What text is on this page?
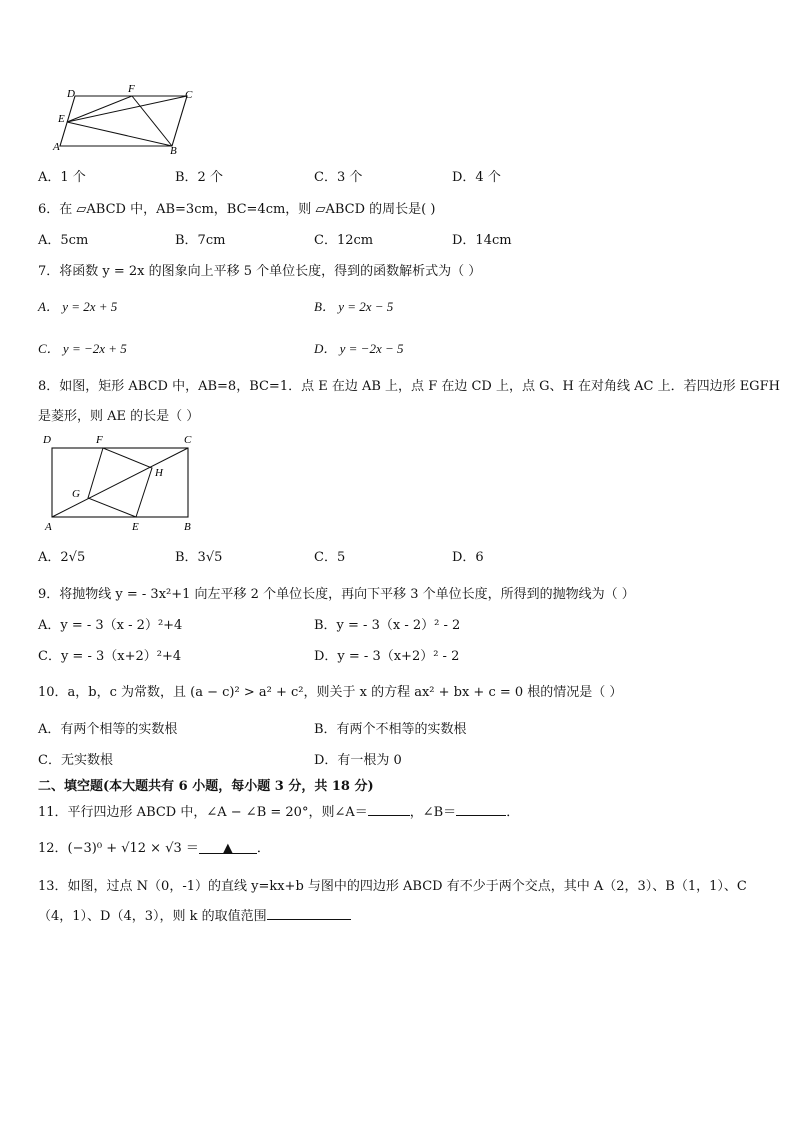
D	F	C
E
A	B
A．1 个	B．2 个	C．3 个	D．4 个
6．在 ▱ABCD 中，AB=3cm，BC=4cm，则 ▱ABCD 的周长是( )
A．5cm	B．7cm	C．12cm	D．14cm
7．将函数 y = 2x 的图象向上平移 5 个单位长度，得到的函数解析式为（ ）
A． y = 2x + 5	B． y = 2x − 5
C． y = −2x + 5	D． y = −2x − 5
8．如图，矩形 ABCD 中，AB=8，BC=1．点 E 在边 AB 上，点 F 在边 CD 上，点 G、H 在对角线 AC 上．若四边形 EGFH
是菱形，则 AE 的长是（ ）
D	F	C
H
G
A	E	B
A．2√5	B．3√5	C．5	D．6
9．将抛物线 y = - 3x²+1 向左平移 2 个单位长度，再向下平移 3 个单位长度，所得到的抛物线为（ ）
A．y = - 3（x - 2）²+4	B．y = - 3（x - 2）² - 2
C．y = - 3（x+2）²+4	D．y = - 3（x+2）² - 2
10．a，b，c 为常数，且 (a − c)² > a² + c²，则关于 x 的方程 ax² + bx + c = 0 根的情况是（ ）
A．有两个相等的实数根	B．有两个不相等的实数根
C．无实数根	D．有一根为 0
二、填空题(本大题共有 6 小题，每小题 3 分，共 18 分)
11．平行四边形 ABCD 中，∠A − ∠B = 20°，则∠A＝	，∠B＝	．
12．(−3)⁰ + √12 × √3 ＝ ▲ ．
13．如图，过点 N（0，-1）的直线 y=kx+b 与图中的四边形 ABCD 有不少于两个交点，其中 A（2，3）、B（1，1）、C
（4，1）、D（4，3），则 k 的取值范围
